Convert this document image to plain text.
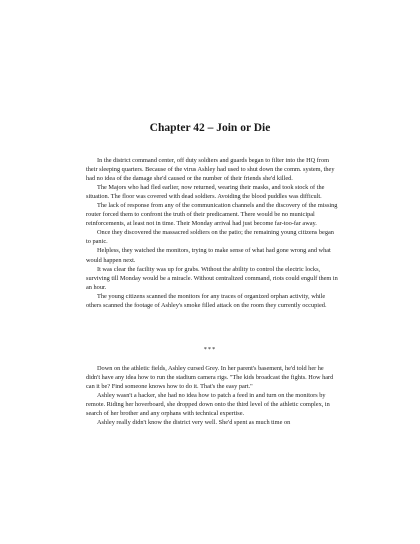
Chapter 42 – Join or Die

In the district command center, off duty soldiers and guards began to filter into the HQ from their sleeping quarters. Because of the virus Ashley had used to shut down the comm. system, they had no idea of the damage she'd caused or the number of their friends she'd killed.

The Majors who had fled earlier, now returned, wearing their masks, and took stock of the situation. The floor was covered with dead soldiers. Avoiding the blood puddles was difficult.

The lack of response from any of the communication channels and the discovery of the missing router forced them to confront the truth of their predicament. There would be no municipal reinforcements, at least not in time. Their Monday arrival had just become far-too-far away.

Once they discovered the massacred soldiers on the patio; the remaining young citizens began to panic.

Helpless, they watched the monitors, trying to make sense of what had gone wrong and what would happen next.

It was clear the facility was up for grabs. Without the ability to control the electric locks, surviving till Monday would be a miracle. Without centralized command, riots could engulf them in an hour.

The young citizens scanned the monitors for any traces of organized orphan activity, while others scanned the footage of Ashley's smoke filled attack on the room they currently occupied.

***

Down on the athletic fields, Ashley cursed Grey. In her parent's basement, he'd told her he didn't have any idea how to run the stadium camera rigs. "The kids broadcast the fights. How hard can it be? Find someone knows how to do it. That's the easy part."

Ashley wasn't a hacker, she had no idea how to patch a feed in and turn on the monitors by remote. Riding her hoverboard, she dropped down onto the third level of the athletic complex, in search of her brother and any orphans with technical expertise.

Ashley really didn't know the district very well. She'd spent as much time on
